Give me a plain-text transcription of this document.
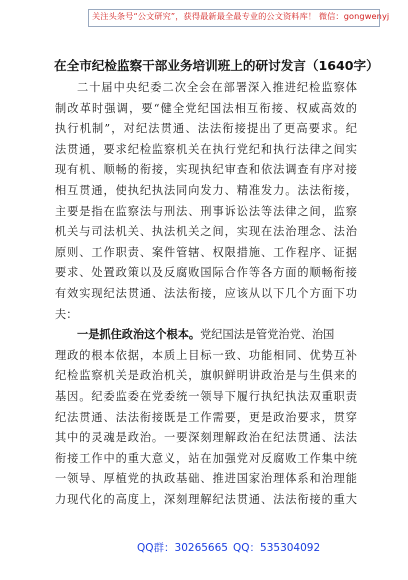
关注头条号“公文研究”，获得最新最全最专业的公文资料库！ 微信：gongwenyj
在全市纪检监察干部业务培训班上的研讨发言（1640字）
二十届中央纪委二次全会在部署深入推进纪检监察体
制改革时强调，要“健全党纪国法相互衔接、权威高效的
执行机制”，对纪法贯通、法法衔接提出了更高要求。纪
法贯通，要求纪检监察机关在执行党纪和执行法律之间实
现有机、顺畅的衔接，实现执纪审查和依法调查有序对接
相互贯通，使执纪执法同向发力、精准发力。法法衔接，
主要是指在监察法与刑法、刑事诉讼法等法律之间，监察
机关与司法机关、执法机关之间，实现在法治理念、法治
原则、工作职责、案件管辖、权限措施、工作程序、证据
要求、处置政策以及反腐败国际合作等各方面的顺畅衔接
有效实现纪法贯通、法法衔接，应该从以下几个方面下功
夫：
一是抓住政治这个根本。党纪国法是管党治党、治国
理政的根本依据，本质上目标一致、功能相同、优势互补
纪检监察机关是政治机关，旗帜鲜明讲政治是与生俱来的
基因。纪委监委在党委统一领导下履行执纪执法双重职责
纪法贯通、法法衔接既是工作需要，更是政治要求，贯穿
其中的灵魂是政治。一要深刻理解政治在纪法贯通、法法
衔接工作中的重大意义，站在加强党对反腐败工作集中统
一领导、厚植党的执政基础、推进国家治理体系和治理能
力现代化的高度上，深刻理解纪法贯通、法法衔接的重大
QQ群：30265665 QQ：535304092
